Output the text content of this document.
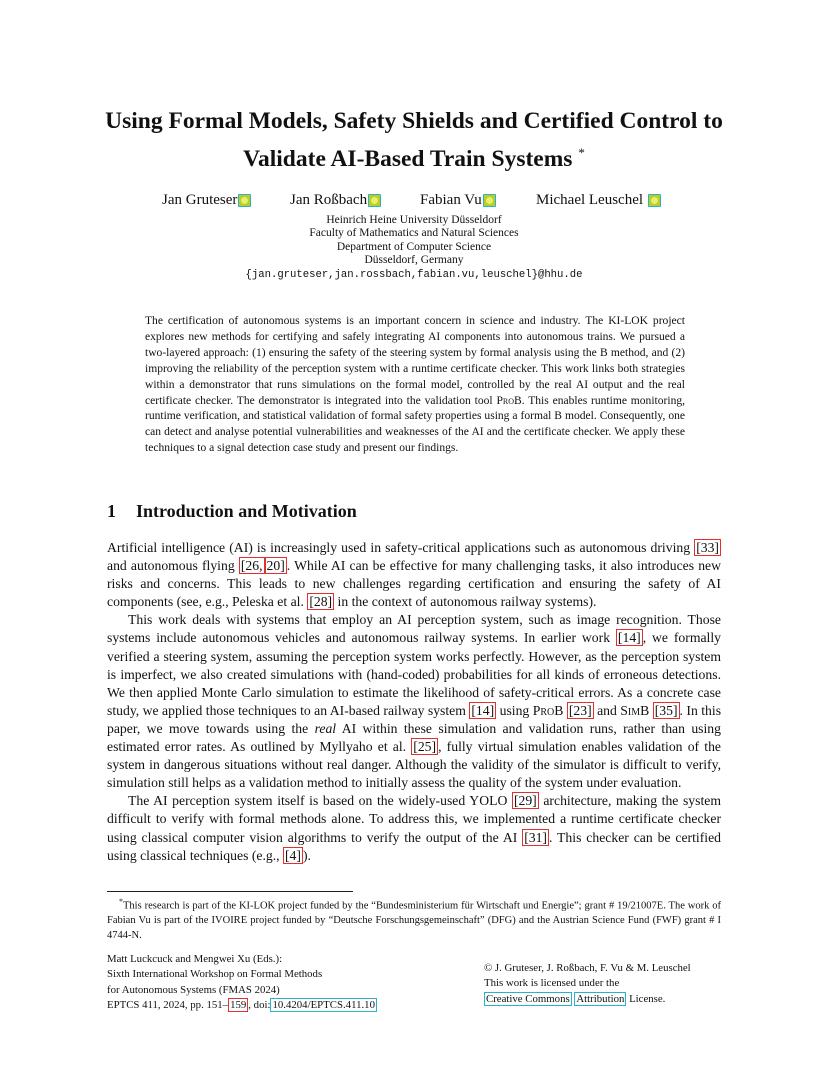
Using Formal Models, Safety Shields and Certified Control to
Validate AI-Based Train Systems *
Jan Gruteser	Jan Roßbach	Fabian Vu	Michael Leuschel

Heinrich Heine University Düsseldorf
Faculty of Mathematics and Natural Sciences
Department of Computer Science
Düsseldorf, Germany
{jan.gruteser,jan.rossbach,fabian.vu,leuschel}@hhu.de
The certification of autonomous systems is an important concern in science and industry. The KI-LOK project explores new methods for certifying and safely integrating AI components into autonomous trains. We pursued a two-layered approach: (1) ensuring the safety of the steering system by formal analysis using the B method, and (2) improving the reliability of the perception system with a runtime certificate checker. This work links both strategies within a demonstrator that runs simulations on the formal model, controlled by the real AI output and the real certificate checker. The demonstrator is integrated into the validation tool ProB. This enables runtime monitoring, runtime verification, and statistical validation of formal safety properties using a formal B model. Consequently, one can detect and analyse potential vulnerabilities and weaknesses of the AI and the certificate checker. We apply these techniques to a signal detection case study and present our findings.
1 Introduction and Motivation

Artificial intelligence (AI) is increasingly used in safety-critical applications such as autonomous driving [33] and autonomous flying [26, 20] . While AI can be effective for many challenging tasks, it also introduces new risks and concerns. This leads to new challenges regarding certification and ensuring the safety of AI components (see, e.g., Peleska et al. [28] in the context of autonomous railway systems).

This work deals with systems that employ an AI perception system, such as image recognition. Those systems include autonomous vehicles and autonomous railway systems. In earlier work [14] , we formally verified a steering system, assuming the perception system works perfectly. However, as the perception system is imperfect, we also created simulations with (hand-coded) probabilities for all kinds of erroneous detections. We then applied Monte Carlo simulation to estimate the likelihood of safety-critical errors. As a concrete case study, we applied those techniques to an AI-based railway system [14] using ProB [23] and SimB [35] . In this paper, we move towards using the real AI within these simulation and validation runs, rather than using estimated error rates. As outlined by Myllyaho et al. [25] , fully virtual simulation enables validation of the system in dangerous situations without real danger. Although the validity of the simulator is difficult to verify, simulation still helps as a validation method to initially assess the quality of the system under evaluation.

The AI perception system itself is based on the widely-used YOLO [29] architecture, making the system difficult to verify with formal methods alone. To address this, we implemented a runtime certificate checker using classical computer vision algorithms to verify the output of the AI [31] . This checker can be certified using classical techniques (e.g., [4] ).

*This research is part of the KI-LOK project funded by the “Bundesministerium für Wirtschaft und Energie”; grant # 19/21007E. The work of Fabian Vu is part of the IVOIRE project funded by “Deutsche Forschungsgemeinschaft” (DFG) and the Austrian Science Fund (FWF) grant # I 4744-N.
Matt Luckcuck and Mengwei Xu (Eds.):
Sixth International Workshop on Formal Methods
for Autonomous Systems (FMAS 2024)
EPTCS 411, 2024, pp. 151– 159 , doi: 10.4204/EPTCS.411.10
© J. Gruteser, J. Roßbach, F. Vu & M. Leuschel
This work is licensed under the
Creative Commons Attribution License.
